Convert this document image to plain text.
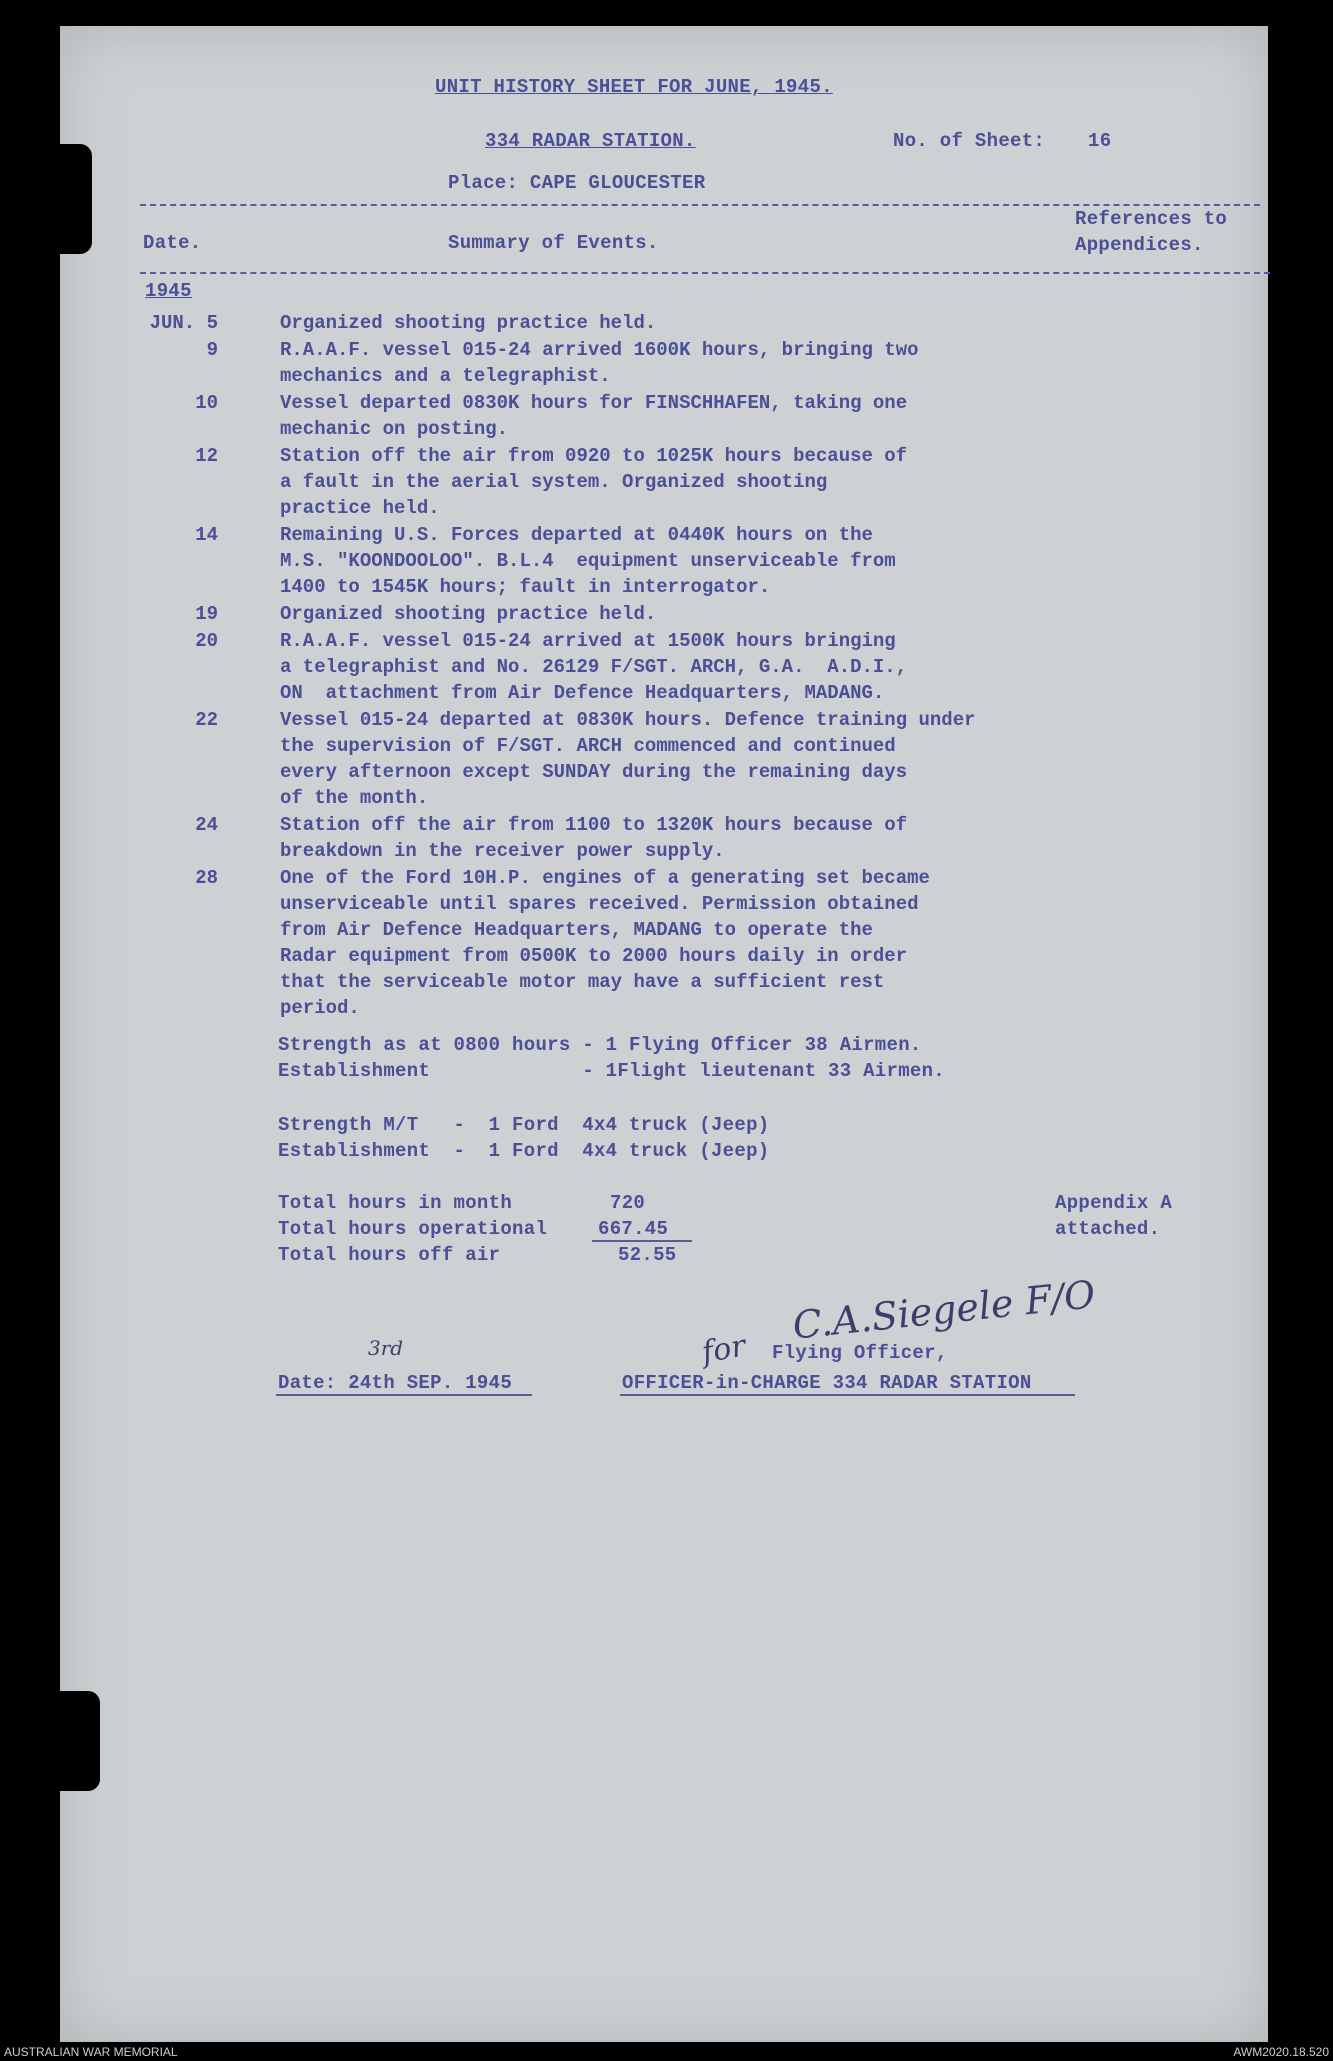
UNIT HISTORY SHEET FOR JUNE, 1945.
334 RADAR STATION.	No. of Sheet: 16
Place: CAPE GLOUCESTER
Date.	Summary of Events.
References to
Appendices.
1945
JUN. 5	Organized shooting practice held.
9	R.A.A.F. vessel 015-24 arrived 1600K hours, bringing two
mechanics and a telegraphist.
10	Vessel departed 0830K hours for FINSCHHAFEN, taking one
mechanic on posting.
12	Station off the air from 0920 to 1025K hours because of
a fault in the aerial system. Organized shooting
practice held.
14	Remaining U.S. Forces departed at 0440K hours on the
M.S. "KOONDOOLOO". B.L.4  equipment unserviceable from
1400 to 1545K hours; fault in interrogator.
19	Organized shooting practice held.
20	R.A.A.F. vessel 015-24 arrived at 1500K hours bringing
a telegraphist and No. 26129 F/SGT. ARCH, G.A.  A.D.I.,
ON  attachment from Air Defence Headquarters, MADANG.
22	Vessel 015-24 departed at 0830K hours. Defence training under
the supervision of F/SGT. ARCH commenced and continued
every afternoon except SUNDAY during the remaining days
of the month.
24	Station off the air from 1100 to 1320K hours because of
breakdown in the receiver power supply.
28	One of the Ford 10H.P. engines of a generating set became
unserviceable until spares received. Permission obtained
from Air Defence Headquarters, MADANG to operate the
Radar equipment from 0500K to 2000 hours daily in order
that the serviceable motor may have a sufficient rest
period.
Strength as at 0800 hours - 1 Flying Officer 38 Airmen.
Establishment             - 1Flight lieutenant 33 Airmen.
Strength M/T   -  1 Ford  4x4 truck (Jeep)
Establishment  -  1 Ford  4x4 truck (Jeep)
Total hours in month	720
Total hours operational	667.45
Total hours off air	52.55
Appendix A
attached.
C.A.Siegele F/O
for Flying Officer,
OFFICER-in-CHARGE 334 RADAR STATION
Date: 24th SEP. 1945
3rd
AUSTRALIAN WAR MEMORIAL	AWM2020.18.520
